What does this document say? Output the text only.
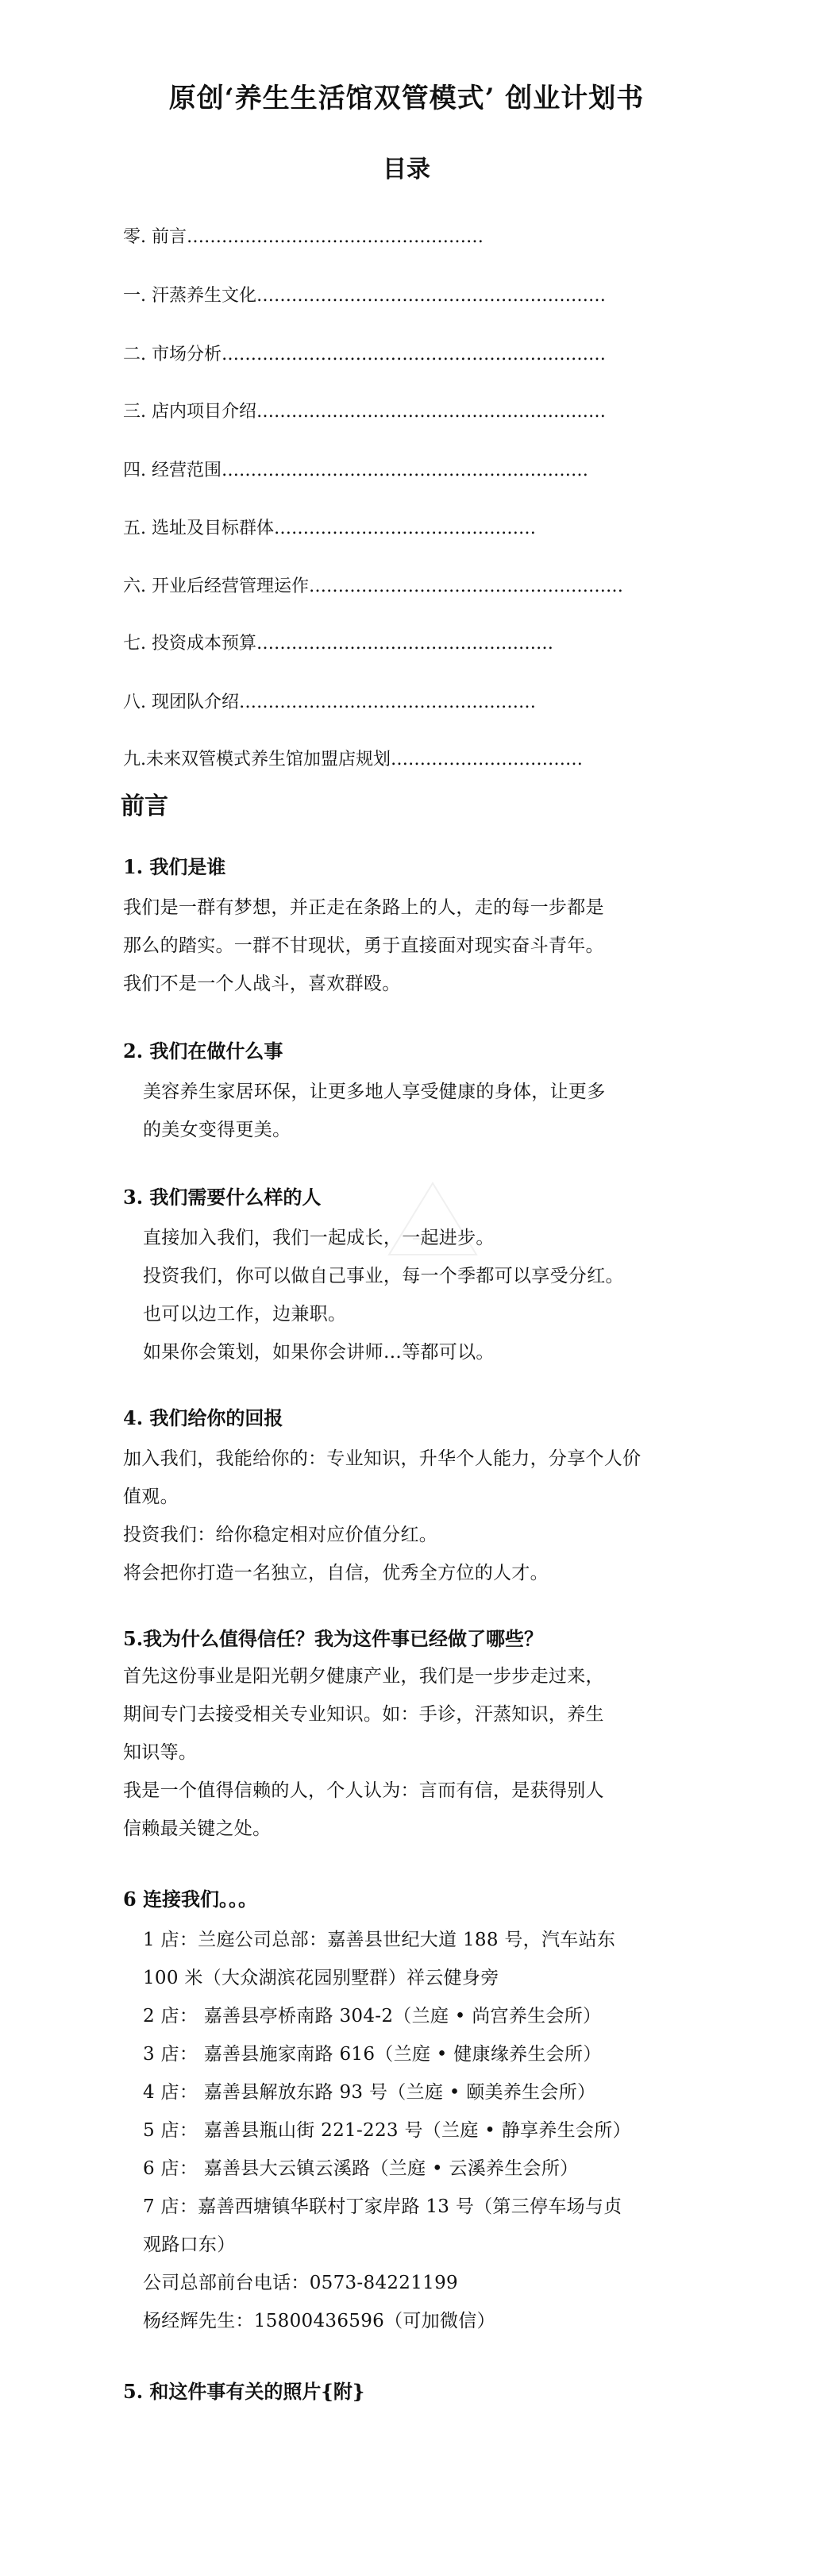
原创‘养生生活馆双管模式’ 创业计划书
目录
零. 前言……………………………………………
一. 汗蒸养生文化……………………………………………………
二. 市场分析…………………………………………………………
三. 店内项目介绍……………………………………………………
四. 经营范围………………………………………………………
五. 选址及目标群体………………………………………
六. 开业后经营管理运作………………………………………………
七. 投资成本预算……………………………………………
八. 现团队介绍……………………………………………
九.未来双管模式养生馆加盟店规划……………………………
前言
1. 我们是谁
我们是一群有梦想，并正走在条路上的人，走的每一步都是
那么的踏实。一群不甘现状，勇于直接面对现实奋斗青年。
我们不是一个人战斗，喜欢群殴。
2. 我们在做什么事
美容养生家居环保，让更多地人享受健康的身体，让更多
的美女变得更美。
3. 我们需要什么样的人
直接加入我们，我们一起成长，一起进步。
投资我们，你可以做自己事业，每一个季都可以享受分红。
也可以边工作，边兼职。
如果你会策划，如果你会讲师…等都可以。
4. 我们给你的回报
加入我们，我能给你的：专业知识，升华个人能力，分享个人价
值观。
投资我们：给你稳定相对应价值分红。
将会把你打造一名独立，自信，优秀全方位的人才。
5.我为什么值得信任？我为这件事已经做了哪些？
首先这份事业是阳光朝夕健康产业，我们是一步步走过来，
期间专门去接受相关专业知识。如：手诊，汗蒸知识，养生
知识等。
我是一个值得信赖的人，个人认为：言而有信，是获得别人
信赖最关键之处。
6 连接我们。。。
1 店：兰庭公司总部：嘉善县世纪大道 188 号，汽车站东
100 米（大众湖滨花园别墅群）祥云健身旁
2 店： 嘉善县亭桥南路 304-2（兰庭 • 尚宫养生会所）
3 店： 嘉善县施家南路 616（兰庭 • 健康缘养生会所）
4 店： 嘉善县解放东路 93 号（兰庭 • 颐美养生会所）
5 店： 嘉善县瓶山街 221-223 号（兰庭 • 静享养生会所）
6 店： 嘉善县大云镇云溪路（兰庭 • 云溪养生会所）
7 店：嘉善西塘镇华联村丁家岸路 13 号（第三停车场与贞
观路口东）
公司总部前台电话：0573-84221199
杨经辉先生：15800436596（可加微信）
5. 和这件事有关的照片{附}
